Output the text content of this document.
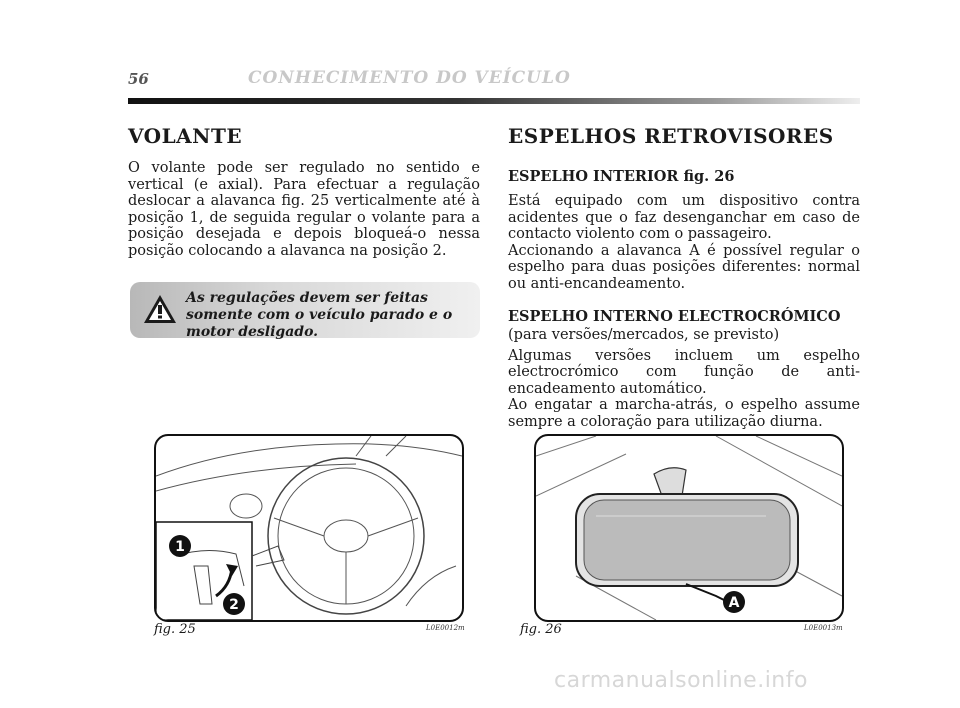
56	CONHECIMENTO DO VEÍCULO
VOLANTE

O volante pode ser regulado no sentido e vertical (e axial). Para efectuar a regulação deslocar a alavanca fig. 25 verticalmente até à posição 1, de seguida regular o volante para a posição desejada e depois bloqueá-o nessa posição colocando a alavanca na posição 2.

As regulações devem ser feitas somente com o veículo parado e o motor desligado.
ESPELHOS RETROVISORES
ESPELHO INTERIOR fig. 26

Está equipado com um dispositivo contra acidentes que o faz desenganchar em caso de contacto violento com o passageiro.

Accionando a alavanca A é possível regular o espelho para duas posições diferentes: normal ou anti-encandeamento.

ESPELHO INTERNO ELECTROCRÓMICO

(para versões/mercados, se previsto)

Algumas versões incluem um espelho electrocrómico com função de anti-encadeamento automático.

Ao engatar a marcha-atrás, o espelho assume sempre a coloração para utilização diurna.

1
2
fig. 25	L0E0012m
A
fig. 26	L0E0013m
carmanualsonline.info
